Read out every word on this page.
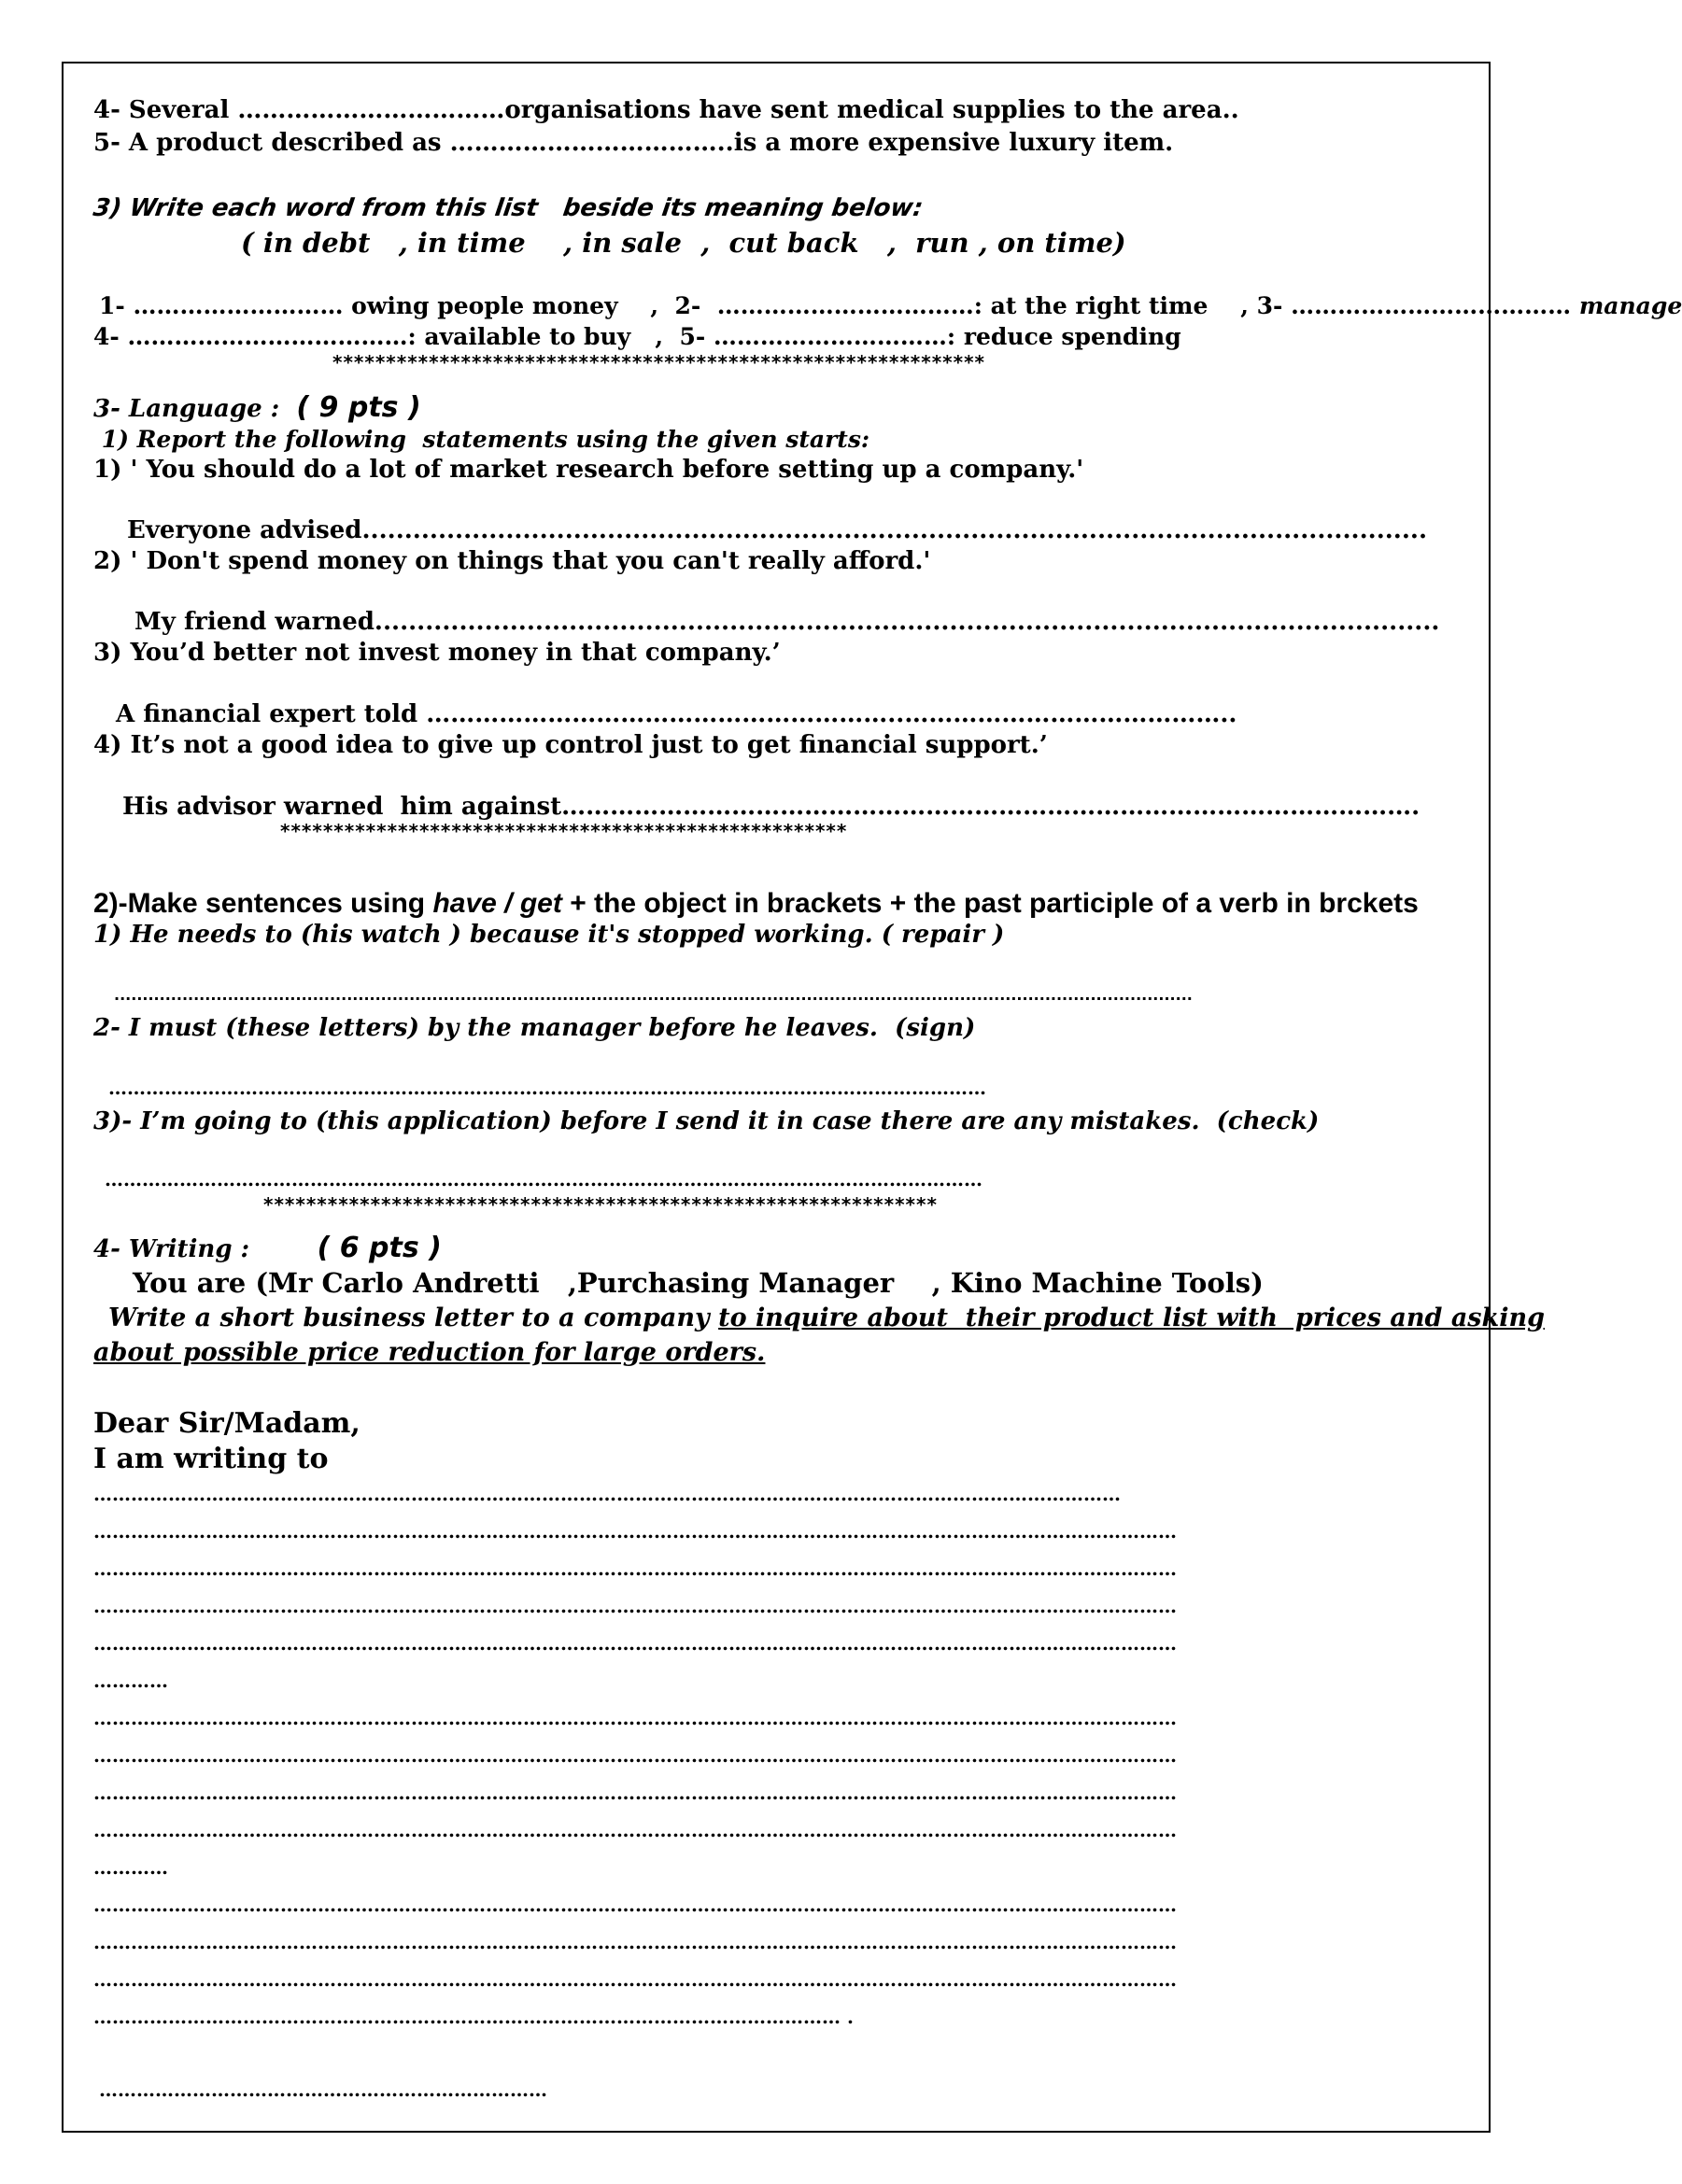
4- Several ……………………………organisations have sent medical supplies to the area..
5- A product described as ……………………………..is a more expensive luxury item.
3) Write each word from this list   beside its meaning below:
( in debt   , in time    , in sale  ,  cut back   ,  run , on time)
1- ……………………… owing people money    ,  2-  ……………………………: at the right time    , 3- ……………………………… manage
4- ………………………………: available to buy   ,  5- …………………………: reduce spending
*************************************************************
3- Language :  ( 9 pts )
1) Report the following  statements using the given starts:
1) ' You should do a lot of market research before setting up a company.'
Everyone advised..............................................................................................................................
2) ' Don't spend money on things that you can't really afford.'
My friend warned..............................................................................................................................
3) You’d better not invest money in that company.’
A financial expert told …………………………………………………..…………………………………..
4) It’s not a good idea to give up control just to get financial support.’
His advisor warned  him against…………………………………………………………………………………………….
*****************************************************
2)-Make sentences using have / get + the object in brackets + the past participle of a verb in brckets
1) He needs to (his watch ) because it's stopped working. ( repair )
..............................................................................................................................................................................................
2- I must (these letters) by the manager before he leaves.  (sign)
……………………………………………………………………………………………………………………………
3)- I’m going to (this application) before I send it in case there are any mistakes.  (check)
……………………………………………………………………………………………………………………………
***************************************************************
4- Writing :        ( 6 pts )
You are (Mr Carlo Andretti   ,Purchasing Manager    , Kino Machine Tools)
Write a short business letter to a company to inquire about  their product list with  prices and asking
about possible price reduction for large orders.
Dear Sir/Madam,
I am writing to
…………………………………………………………………………………………………………………………………………………
…………………………………………………………………………………………………………………………………………………………
…………………………………………………………………………………………………………………………………………………………
…………………………………………………………………………………………………………………………………………………………
…………………………………………………………………………………………………………………………………………………………
…………
…………………………………………………………………………………………………………………………………………………………
…………………………………………………………………………………………………………………………………………………………
…………………………………………………………………………………………………………………………………………………………
…………………………………………………………………………………………………………………………………………………………
…………
…………………………………………………………………………………………………………………………………………………………
…………………………………………………………………………………………………………………………………………………………
…………………………………………………………………………………………………………………………………………………………
………………………………………………………………………………………………………… .
………………………………………………………………
